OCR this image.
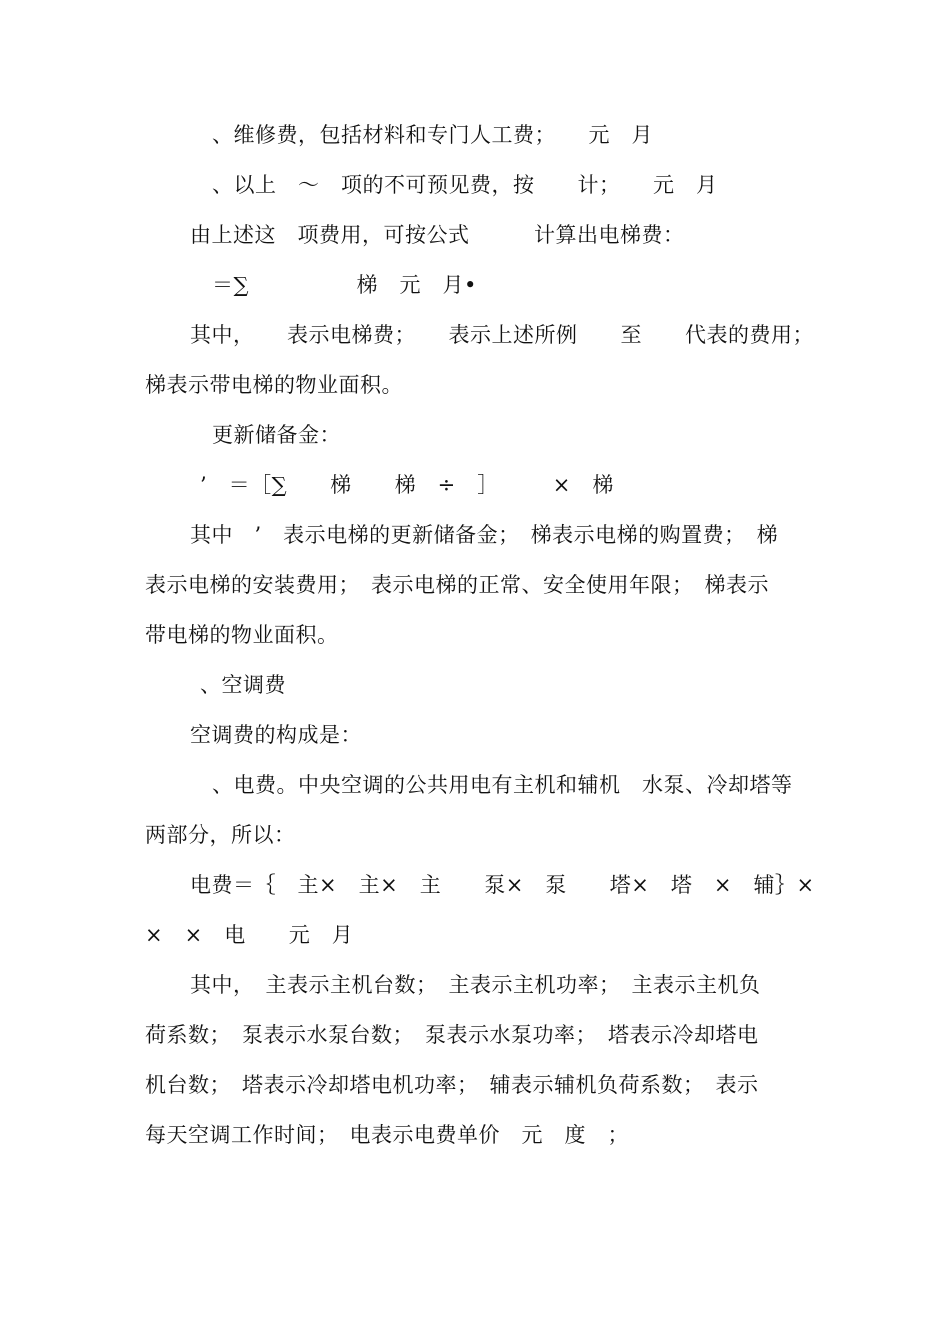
、维修费，包括材料和专门人工费；　　元　月
、以上　～　项的不可预见费，按　　计；　　元　月
由上述这　项费用，可按公式　　　计算出电梯费：
＝∑　　　　　梯　元　月•
其中，　　表示电梯费；　　表示上述所例　　至　　代表的费用；
梯表示带电梯的物业面积。
更新储备金：
’　＝［∑　　梯　　梯　÷　］　　　×　梯
其中　’　表示电梯的更新储备金；　梯表示电梯的购置费；　梯
表示电梯的安装费用；　表示电梯的正常、安全使用年限；　梯表示
带电梯的物业面积。
、空调费
空调费的构成是：
、电费。中央空调的公共用电有主机和辅机　水泵、冷却塔等
两部分，所以：
电费＝｛　主×　主×　主　　泵×　泵　　塔×　塔　×　辅｝×
×　×　电　　元　月
其中，　主表示主机台数；　主表示主机功率；　主表示主机负
荷系数；　泵表示水泵台数；　泵表示水泵功率；　塔表示冷却塔电
机台数；　塔表示冷却塔电机功率；　辅表示辅机负荷系数；　表示
每天空调工作时间；　电表示电费单价　元　度　；
